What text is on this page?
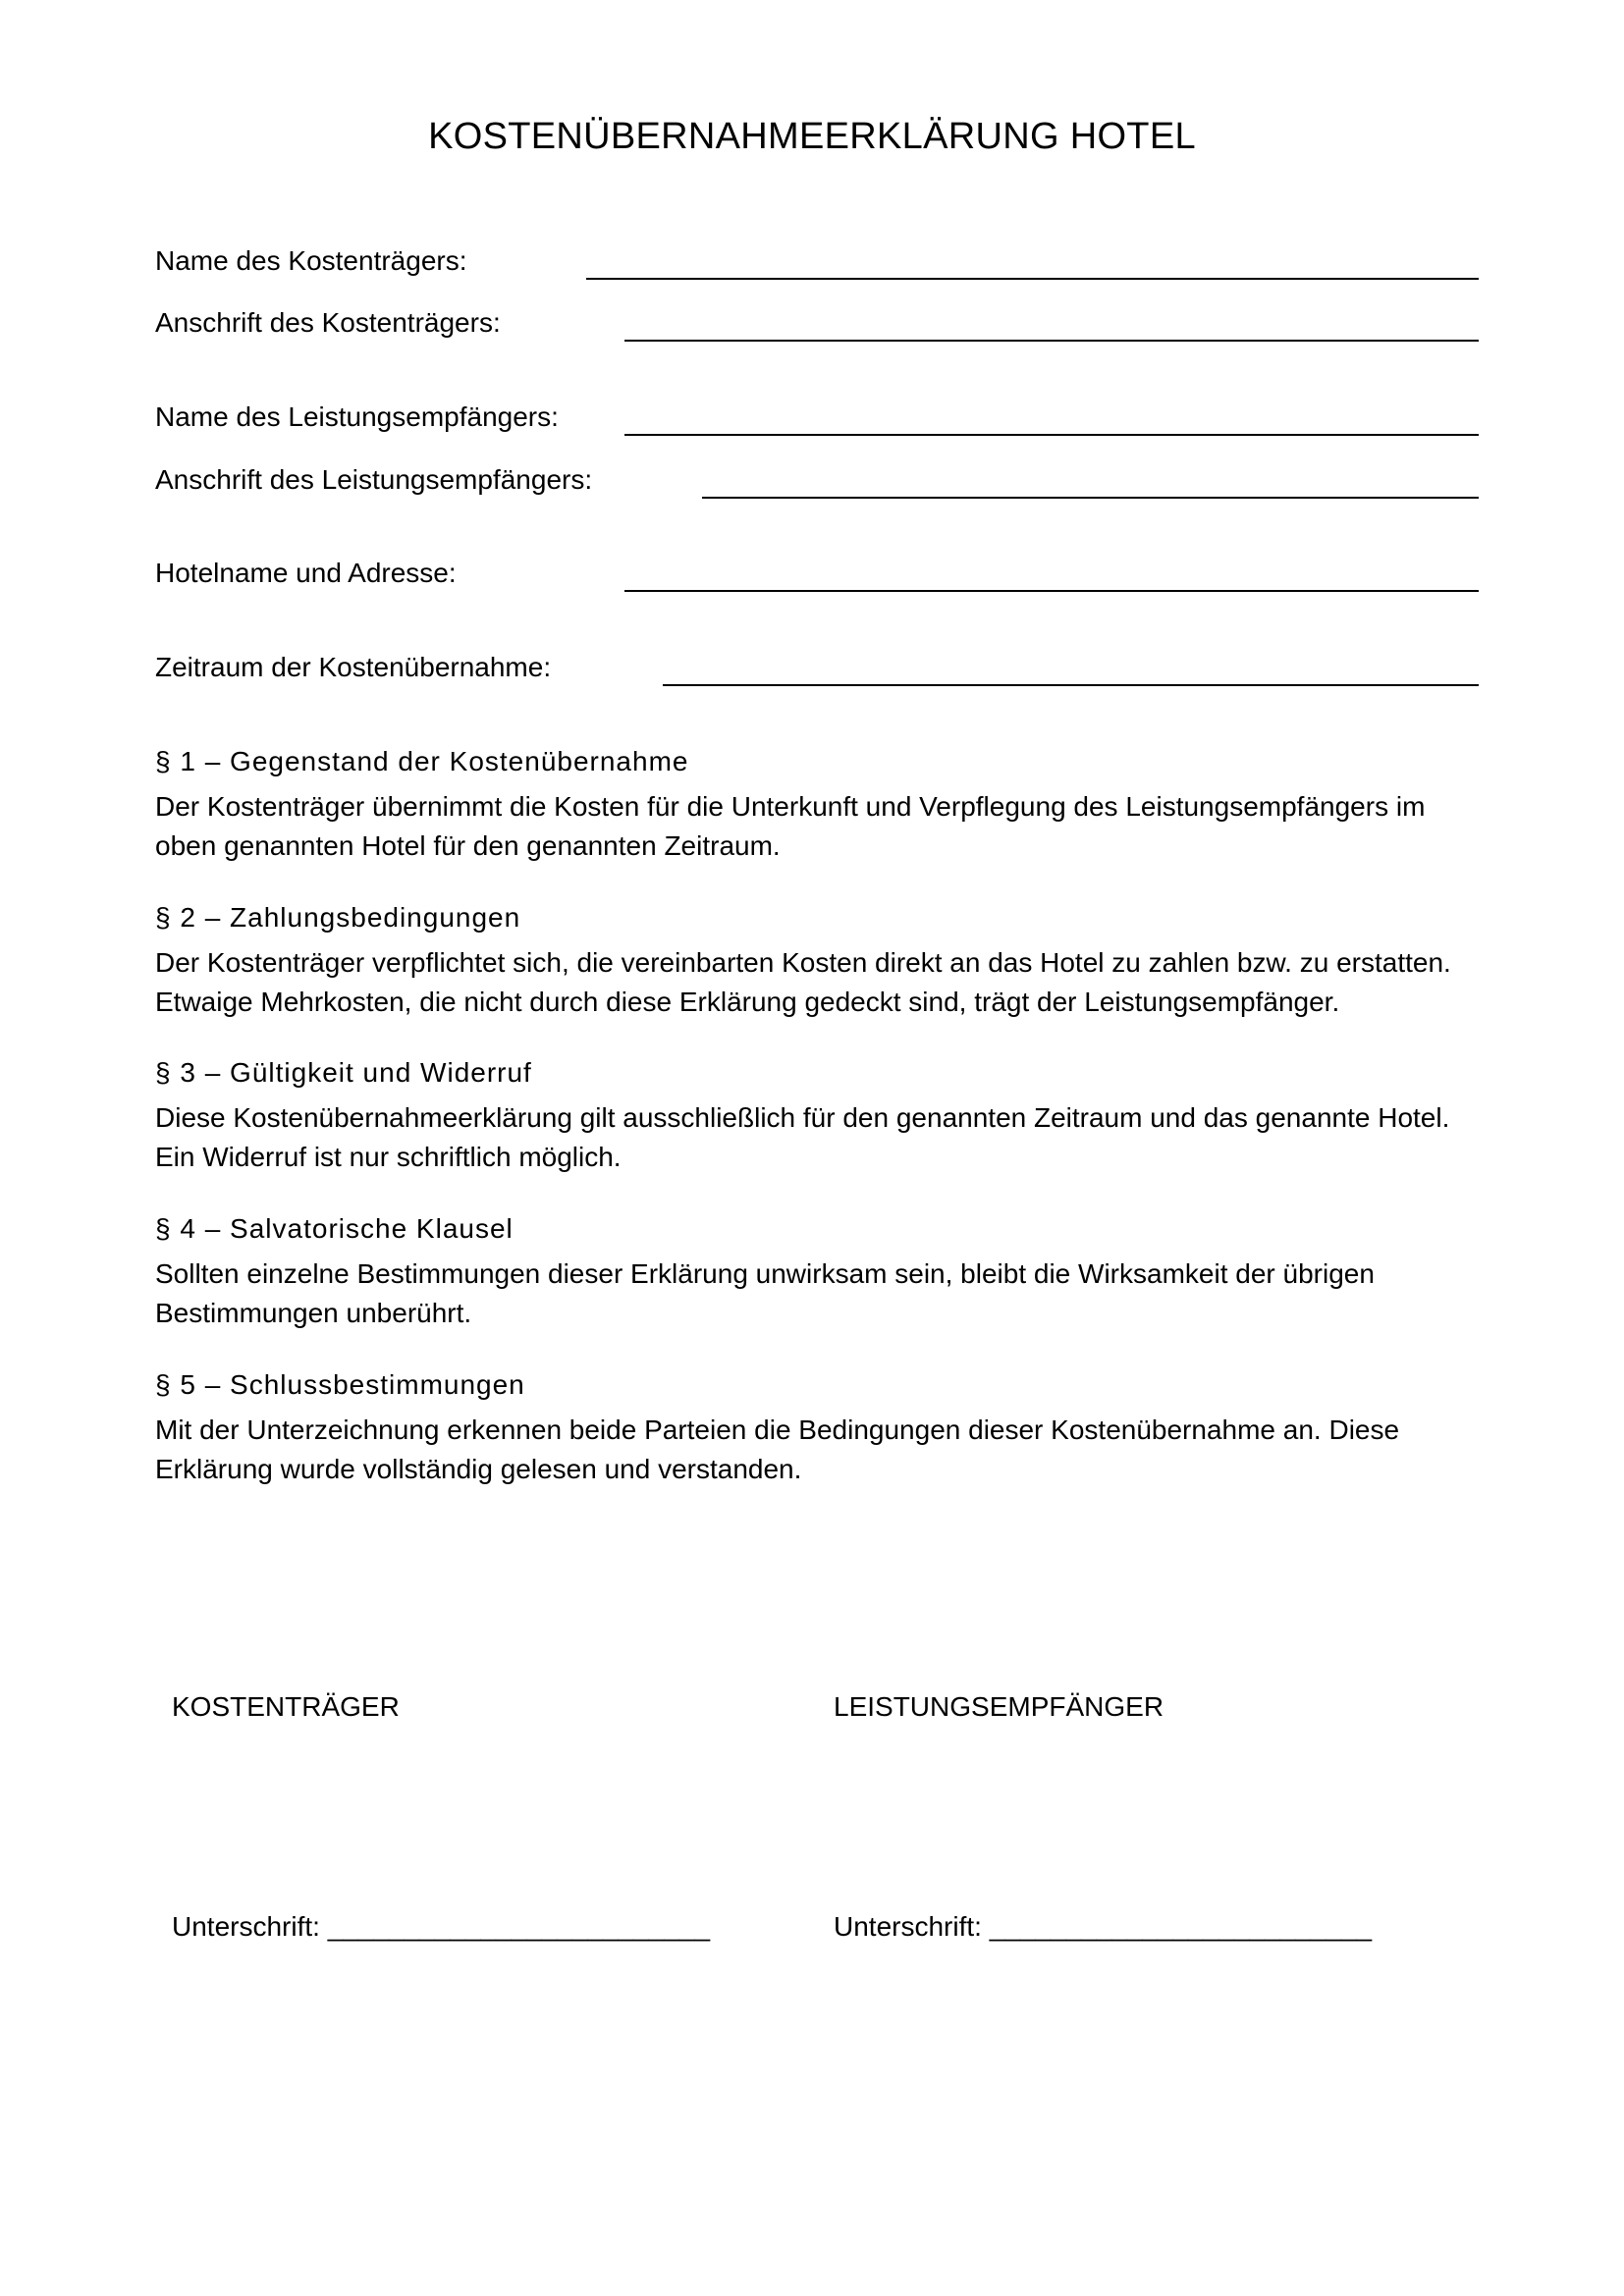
KOSTENÜBERNAHMEERKLÄRUNG HOTEL
Name des Kostenträgers:
Anschrift des Kostenträgers:
Name des Leistungsempfängers:
Anschrift des Leistungsempfängers:
Hotelname und Adresse:
Zeitraum der Kostenübernahme:
§ 1 – Gegenstand der Kostenübernahme
Der Kostenträger übernimmt die Kosten für die Unterkunft und Verpflegung des Leistungsempfängers im
oben genannten Hotel für den genannten Zeitraum.
§ 2 – Zahlungsbedingungen
Der Kostenträger verpflichtet sich, die vereinbarten Kosten direkt an das Hotel zu zahlen bzw. zu erstatten.
Etwaige Mehrkosten, die nicht durch diese Erklärung gedeckt sind, trägt der Leistungsempfänger.
§ 3 – Gültigkeit und Widerruf
Diese Kostenübernahmeerklärung gilt ausschließlich für den genannten Zeitraum und das genannte Hotel.
Ein Widerruf ist nur schriftlich möglich.
§ 4 – Salvatorische Klausel
Sollten einzelne Bestimmungen dieser Erklärung unwirksam sein, bleibt die Wirksamkeit der übrigen
Bestimmungen unberührt.
§ 5 – Schlussbestimmungen
Mit der Unterzeichnung erkennen beide Parteien die Bedingungen dieser Kostenübernahme an. Diese
Erklärung wurde vollständig gelesen und verstanden.
KOSTENTRÄGER	LEISTUNGSEMPFÄNGER
Unterschrift: _________________________	Unterschrift: _________________________
